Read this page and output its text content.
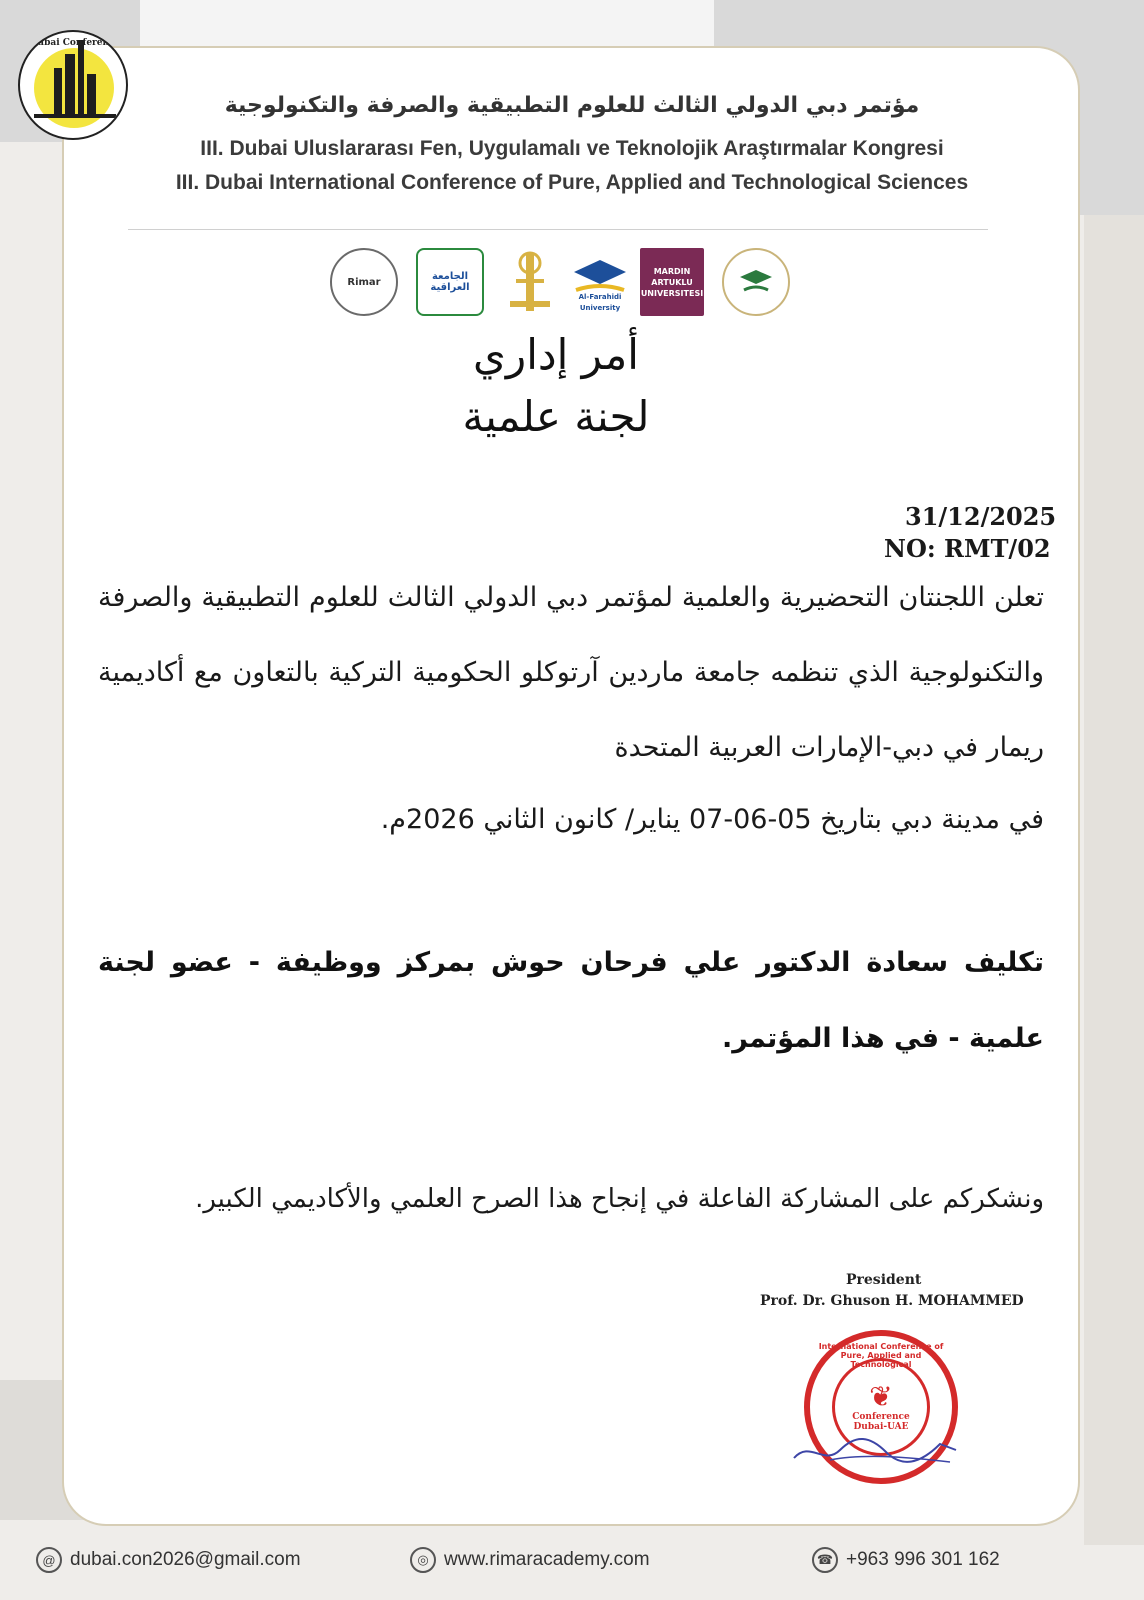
Dubai Conference
مؤتمر دبي الدولي الثالث للعلوم التطبيقية والصرفة والتكنولوجية
III. Dubai Uluslararası Fen, Uygulamalı ve Teknolojik Araştırmalar Kongresi
III. Dubai International Conference of Pure, Applied and Technological Sciences
Rimar	الجامعة العراقية
Al-Farahidi University
MARDIN ARTUKLU UNIVERSITESI
أمر إداري
لجنة علمية
31/12/2025
NO: RMT/02
تعلن اللجنتان التحضيرية والعلمية لمؤتمر دبي الدولي الثالث للعلوم التطبيقية والصرفة والتكنولوجية الذي تنظمه جامعة ماردين آرتوكلو الحكومية التركية بالتعاون مع أكاديمية ريمار في دبي-الإمارات العربية المتحدة
في مدينة دبي بتاريخ 05-06-07 يناير/ كانون الثاني 2026م.
تكليف سعادة الدكتور علي فرحان حوش بمركز ووظيفة - عضو لجنة علمية - في هذا المؤتمر.
ونشكركم على المشاركة الفاعلة في إنجاح هذا الصرح العلمي والأكاديمي الكبير.
President
Prof. Dr. Ghuson H. MOHAMMED
International Conference of Pure, Applied and Technological
❦
Conference
Dubai-UAE
@ dubai.con2026@gmail.com	◎ www.rimaracademy.com	☎ +963 996 301 162
